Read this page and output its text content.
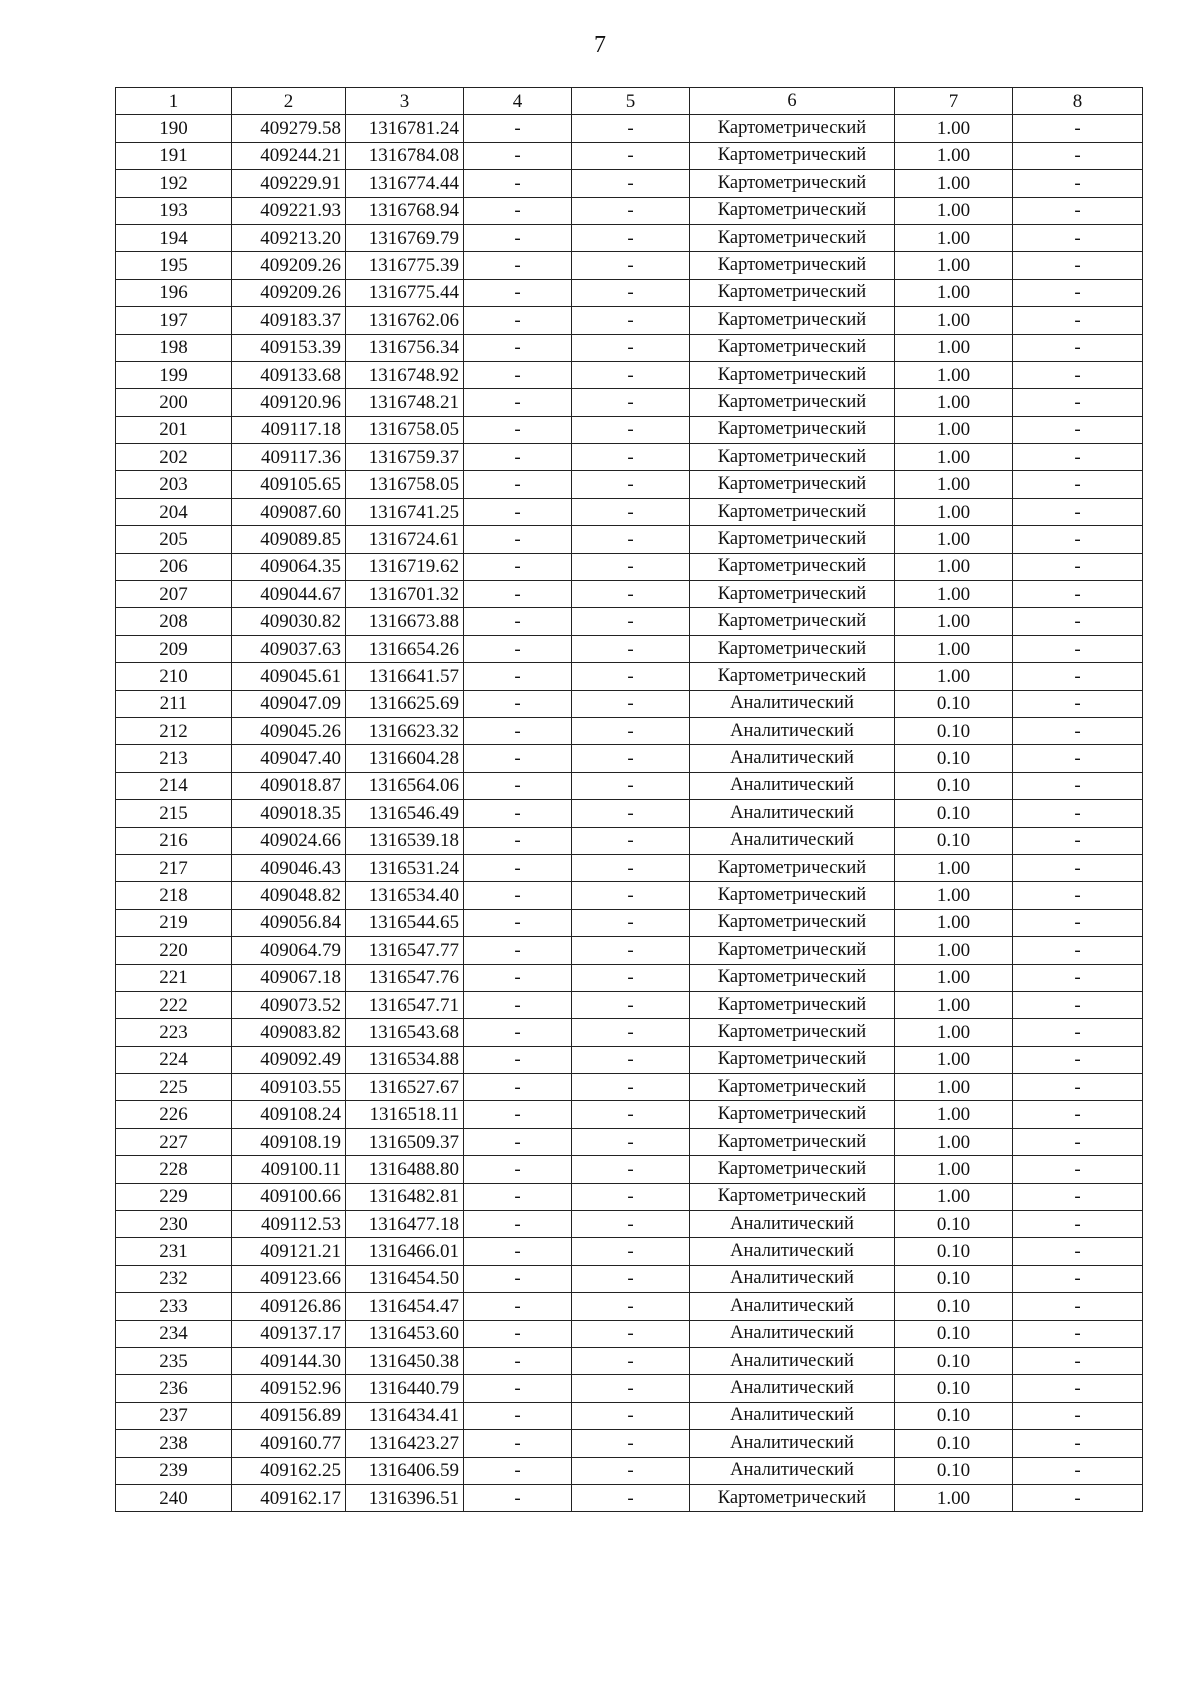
7
1	2	3	4	5	6	7	8
190	409279.58	1316781.24	-	-	Картометрический	1.00	-
191	409244.21	1316784.08	-	-	Картометрический	1.00	-
192	409229.91	1316774.44	-	-	Картометрический	1.00	-
193	409221.93	1316768.94	-	-	Картометрический	1.00	-
194	409213.20	1316769.79	-	-	Картометрический	1.00	-
195	409209.26	1316775.39	-	-	Картометрический	1.00	-
196	409209.26	1316775.44	-	-	Картометрический	1.00	-
197	409183.37	1316762.06	-	-	Картометрический	1.00	-
198	409153.39	1316756.34	-	-	Картометрический	1.00	-
199	409133.68	1316748.92	-	-	Картометрический	1.00	-
200	409120.96	1316748.21	-	-	Картометрический	1.00	-
201	409117.18	1316758.05	-	-	Картометрический	1.00	-
202	409117.36	1316759.37	-	-	Картометрический	1.00	-
203	409105.65	1316758.05	-	-	Картометрический	1.00	-
204	409087.60	1316741.25	-	-	Картометрический	1.00	-
205	409089.85	1316724.61	-	-	Картометрический	1.00	-
206	409064.35	1316719.62	-	-	Картометрический	1.00	-
207	409044.67	1316701.32	-	-	Картометрический	1.00	-
208	409030.82	1316673.88	-	-	Картометрический	1.00	-
209	409037.63	1316654.26	-	-	Картометрический	1.00	-
210	409045.61	1316641.57	-	-	Картометрический	1.00	-
211	409047.09	1316625.69	-	-	Аналитический	0.10	-
212	409045.26	1316623.32	-	-	Аналитический	0.10	-
213	409047.40	1316604.28	-	-	Аналитический	0.10	-
214	409018.87	1316564.06	-	-	Аналитический	0.10	-
215	409018.35	1316546.49	-	-	Аналитический	0.10	-
216	409024.66	1316539.18	-	-	Аналитический	0.10	-
217	409046.43	1316531.24	-	-	Картометрический	1.00	-
218	409048.82	1316534.40	-	-	Картометрический	1.00	-
219	409056.84	1316544.65	-	-	Картометрический	1.00	-
220	409064.79	1316547.77	-	-	Картометрический	1.00	-
221	409067.18	1316547.76	-	-	Картометрический	1.00	-
222	409073.52	1316547.71	-	-	Картометрический	1.00	-
223	409083.82	1316543.68	-	-	Картометрический	1.00	-
224	409092.49	1316534.88	-	-	Картометрический	1.00	-
225	409103.55	1316527.67	-	-	Картометрический	1.00	-
226	409108.24	1316518.11	-	-	Картометрический	1.00	-
227	409108.19	1316509.37	-	-	Картометрический	1.00	-
228	409100.11	1316488.80	-	-	Картометрический	1.00	-
229	409100.66	1316482.81	-	-	Картометрический	1.00	-
230	409112.53	1316477.18	-	-	Аналитический	0.10	-
231	409121.21	1316466.01	-	-	Аналитический	0.10	-
232	409123.66	1316454.50	-	-	Аналитический	0.10	-
233	409126.86	1316454.47	-	-	Аналитический	0.10	-
234	409137.17	1316453.60	-	-	Аналитический	0.10	-
235	409144.30	1316450.38	-	-	Аналитический	0.10	-
236	409152.96	1316440.79	-	-	Аналитический	0.10	-
237	409156.89	1316434.41	-	-	Аналитический	0.10	-
238	409160.77	1316423.27	-	-	Аналитический	0.10	-
239	409162.25	1316406.59	-	-	Аналитический	0.10	-
240	409162.17	1316396.51	-	-	Картометрический	1.00	-
